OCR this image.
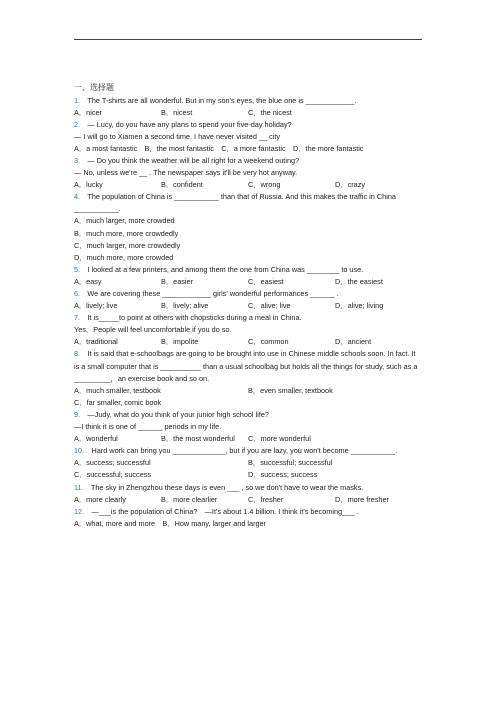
一、选择题

1.　 The T-shirts are all wonderful. But in my son's eyes, the blue one is ____________.

A．nicer	B．nicest	C．the nicest

2.　 — Lucy, do you have any plans to spend your five-day holiday?

— I will go to Xiamen a second time. I have never visited __ city

A．a most fantastic　B．the most fantastic　C．a more fantastic　D．the more fantastic

3.　 — Do you think the weather will be all right for a weekend outing?

— No, unless we're __ . The newspaper says it'll be very hot anyway.

A．lucky	B．confident	C．wrong	D．crazy

4.　 The population of China is ___________ than that of Russia. And this makes the traffic in China ___________.

A．much larger, more crowded

B．much more, more crowdedly

C．much larger, more crowdedly

D．much more, more crowded

5.　 I looked at a few printers, and among them the one from China was ________ to use.

A．easy	B．easier	C．easiest	D．the easiest

6.　 We are covering these ____________ girls' wonderful performances ______ .

A．lively; live	B．lively; alive	C．alive; live	D．alive; living

7.　 It is_____to point at others with chopsticks during a meal in China.

Yes．People will feel uncomfortable if you do so.

A．traditional	B．impolite	C．common	D．ancient

8.　 It is said that e-schoolbags are going to be brought into use in Chinese middle schools soon. In fact. It is a small computer that is __________ than a usual schoolbag but holds all the things for study, such as a _________，an exercise book and so on.

A．much smaller, testbook	B．even smaller, textbook
C．far smaller, comic book

9.　 —Judy, what do you think of your junior high school life?

—I think it is one of ______ periods in my life.

A．wonderful	B．the most wonderful	C．more wonderful

10.　 Hard work can bring you _____________, but if you are lazy, you won't become ___________.

A．success; successful	B．successful; successful
C．successful; success	D．success; success

11.　 The sky in Zhengzhou these days is even ___ , so we don't have to wear the masks.

A．more clearly	B．more clearlier	C．fresher	D．more fresher

12.　 —___is the population of China?　—It's about 1.4 billion. I think it's becoming___ .

A．what, more and more　B．How many, larger and larger
